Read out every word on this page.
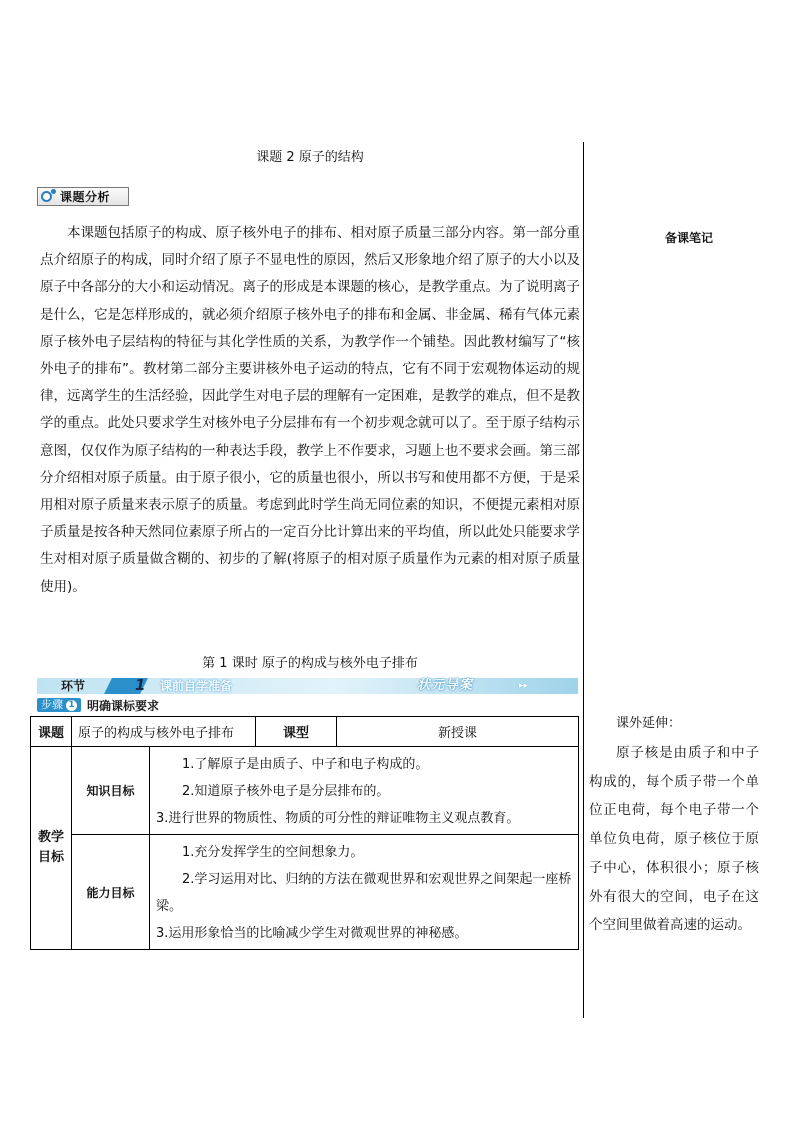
课题 2 原子的结构
课题分析

本课题包括原子的构成、原子核外电子的排布、相对原子质量三部分内容。第一部分重点介绍原子的构成，同时介绍了原子不显电性的原因，然后又形象地介绍了原子的大小以及原子中各部分的大小和运动情况。离子的形成是本课题的核心，是教学重点。为了说明离子是什么，它是怎样形成的，就必须介绍原子核外电子的排布和金属、非金属、稀有气体元素原子核外电子层结构的特征与其化学性质的关系，为教学作一个铺垫。因此教材编写了“核外电子的排布”。教材第二部分主要讲核外电子运动的特点，它有不同于宏观物体运动的规律，远离学生的生活经验，因此学生对电子层的理解有一定困难，是教学的难点，但不是教学的重点。此处只要求学生对核外电子分层排布有一个初步观念就可以了。至于原子结构示意图，仅仅作为原子结构的一种表达手段，教学上不作要求，习题上也不要求会画。第三部分介绍相对原子质量。由于原子很小，它的质量也很小，所以书写和使用都不方便，于是采用相对原子质量来表示原子的质量。考虑到此时学生尚无同位素的知识，不便提元素相对原子质量是按各种天然同位素原子所占的一定百分比计算出来的平均值，所以此处只能要求学生对相对原子质量做含糊的、初步的了解(将原子的相对原子质量作为元素的相对原子质量使用)。

第 1 课时 原子的构成与核外电子排布
环节	1 课前自学准备	状元导案	▸▸
步骤 1 明确课标要求
课题	原子的构成与核外电子排布		课型	新授课

教学目标	知识目标	1.了解原子是由质子、中子和电子构成的。

2.知道原子核外电子是分层排布的。

3.进行世界的物质性、物质的可分性的辩证唯物主义观点教育。		

	能力目标	1.充分发挥学生的空间想象力。

2.学习运用对比、归纳的方法在微观世界和宏观世界之间架起一座桥梁。

3.运用形象恰当的比喻减少学生对微观世界的神秘感。		

备课笔记
课外延伸：

原子核是由质子和中子构成的，每个质子带一个单位正电荷，每个电子带一个单位负电荷，原子核位于原子中心，体积很小；原子核外有很大的空间，电子在这个空间里做着高速的运动。
